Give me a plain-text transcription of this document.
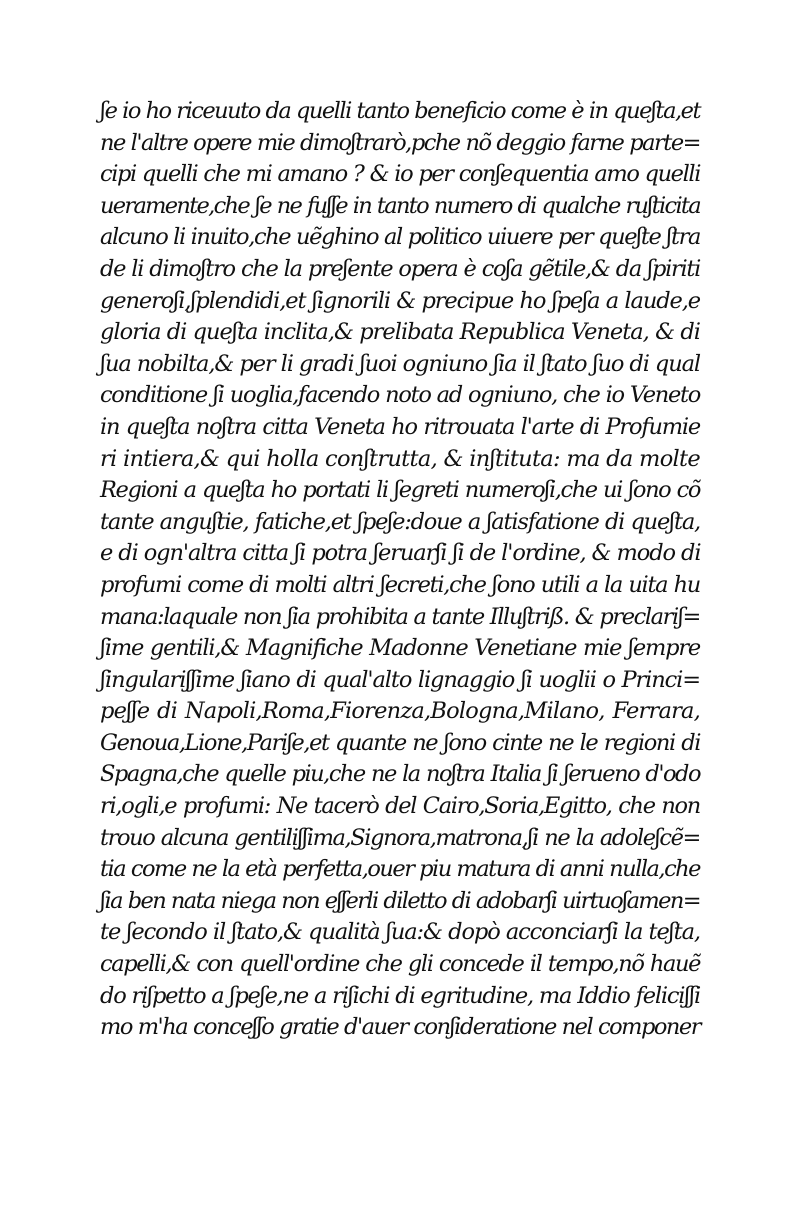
ʃe io ho riceuuto da quelli tanto beneficio come è in queʃta,et
ne l'altre opere mie dimoʃtrarò,pche nõ deggio farne parte=
cipi quelli che mi amano ? & io per conʃequentia amo quelli
ueramente,che ʃe ne fuʃʃe in tanto numero di qualche ruʃticita
alcuno li inuito,che uẽghino al politico uiuere per queʃte ʃtra
de li dimoʃtro che la preʃente opera è coʃa gẽtile,& da ʃpiriti
generoʃi,ʃplendidi,et ʃignorili & precipue ho ʃpeʃa a laude,e
gloria di queʃta inclita,& prelibata Republica Veneta, & di
ʃua nobilta,& per li gradi ʃuoi ogniuno ʃia il ʃtato ʃuo di qual
conditione ʃi uoglia,facendo noto ad ogniuno, che io Veneto
in queʃta noʃtra citta Veneta ho ritrouata l'arte di Profumie
ri intiera,& qui holla conʃtrutta, & inʃtituta: ma da molte
Regioni a queʃta ho portati li ʃegreti numeroʃi,che ui ʃono cõ
tante anguʃtie, fatiche,et ʃpeʃe:doue a ʃatisfatione di queʃta,
e di ogn'altra citta ʃi potra ʃeruarʃi ʃi de l'ordine, & modo di
profumi come di molti altri ʃecreti,che ʃono utili a la uita hu
mana:laquale non ʃia prohibita a tante Illuʃtriß. & preclariʃ=
ʃime gentili,& Magnifiche Madonne Venetiane mie ʃempre
ʃingulariʃʃime ʃiano di qual'alto lignaggio ʃi uoglii o Princi=
peʃʃe di Napoli,Roma,Fiorenza,Bologna,Milano, Ferrara,
Genoua,Lione,Pariʃe,et quante ne ʃono cinte ne le regioni di
Spagna,che quelle piu,che ne la noʃtra Italia ʃi ʃerueno d'odo
ri,ogli,e profumi: Ne tacerò del Cairo,Soria,Egitto, che non
trouo alcuna gentiliʃʃima,Signora,matrona,ʃi ne la adoleʃcẽ=
tia come ne la età perfetta,ouer piu matura di anni nulla,che
ʃia ben nata niega non eʃʃerli diletto di adobarʃi uirtuoʃamen=
te ʃecondo il ʃtato,& qualità ʃua:& dopò acconciarʃi la teʃta,
capelli,& con quell'ordine che gli concede il tempo,nõ hauẽ
do riʃpetto a ʃpeʃe,ne a riʃichi di egritudine, ma Iddio feliciʃʃi
mo m'ha conceʃʃo gratie d'auer conʃideratione nel componer
